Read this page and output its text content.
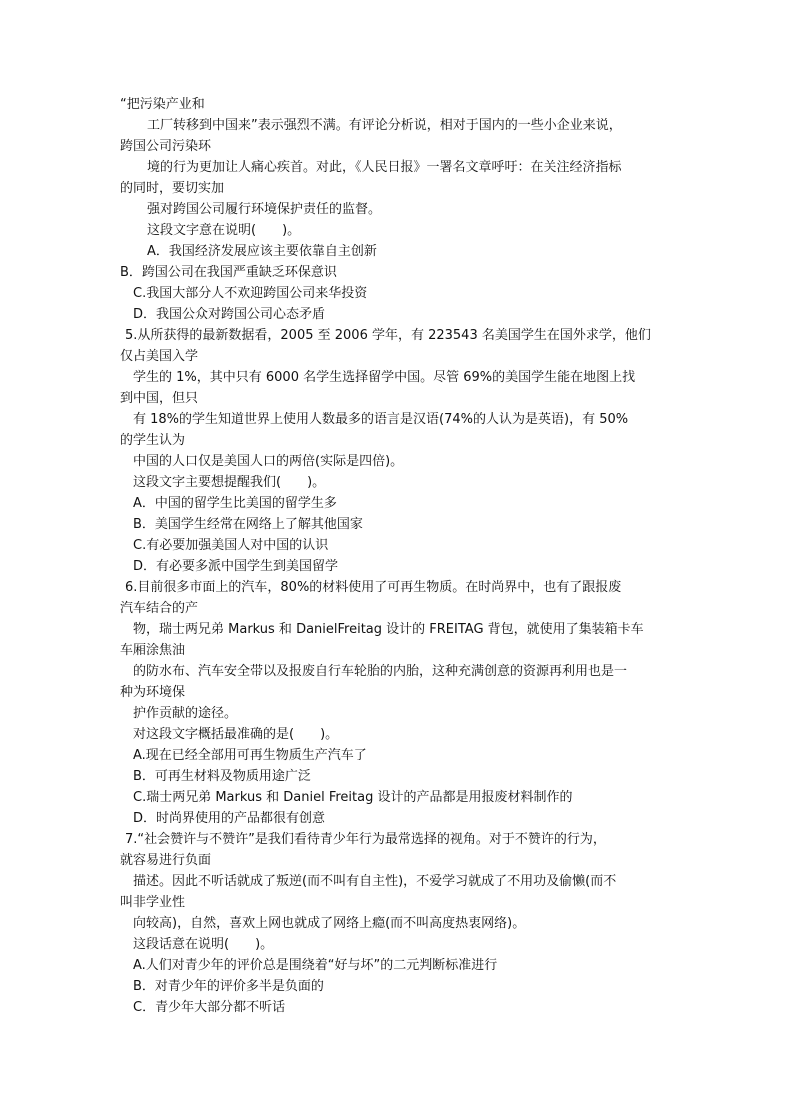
“把污染产业和
工厂转移到中国来”表示强烈不满。有评论分析说，相对于国内的一些小企业来说，
跨国公司污染环
境的行为更加让人痛心疾首。对此，《人民日报》一署名文章呼吁：在关注经济指标
的同时，要切实加
强对跨国公司履行环境保护责任的监督。
这段文字意在说明(　　)。
A．我国经济发展应该主要依靠自主创新
B．跨国公司在我国严重缺乏环保意识
C.我国大部分人不欢迎跨国公司来华投资
D．我国公众对跨国公司心态矛盾
5.从所获得的最新数据看，2005 至 2006 学年，有 223543 名美国学生在国外求学，他们
仅占美国入学
学生的 1%，其中只有 6000 名学生选择留学中国。尽管 69%的美国学生能在地图上找
到中国，但只
有 18%的学生知道世界上使用人数最多的语言是汉语(74%的人认为是英语)，有 50%
的学生认为
中国的人口仅是美国人口的两倍(实际是四倍)。
这段文字主要想提醒我们(　　)。
A．中国的留学生比美国的留学生多
B．美国学生经常在网络上了解其他国家
C.有必要加强美国人对中国的认识
D．有必要多派中国学生到美国留学
6.目前很多市面上的汽车，80%的材料使用了可再生物质。在时尚界中，也有了跟报废
汽车结合的产
物，瑞士两兄弟 Markus 和 DanielFreitag 设计的 FREITAG 背包，就使用了集装箱卡车
车厢涂焦油
的防水布、汽车安全带以及报废自行车轮胎的内胎，这种充满创意的资源再利用也是一
种为环境保
护作贡献的途径。
对这段文字概括最准确的是(　　)。
A.现在已经全部用可再生物质生产汽车了
B．可再生材料及物质用途广泛
C.瑞士两兄弟 Markus 和 Daniel Freitag 设计的产品都是用报废材料制作的
D．时尚界使用的产品都很有创意
7.“社会赞许与不赞许”是我们看待青少年行为最常选择的视角。对于不赞许的行为，
就容易进行负面
描述。因此不听话就成了叛逆(而不叫有自主性)，不爱学习就成了不用功及偷懒(而不
叫非学业性
向较高)，自然，喜欢上网也就成了网络上瘾(而不叫高度热衷网络)。
这段话意在说明(　　)。
A.人们对青少年的评价总是围绕着“好与坏”的二元判断标准进行
B．对青少年的评价多半是负面的
C．青少年大部分都不听话
